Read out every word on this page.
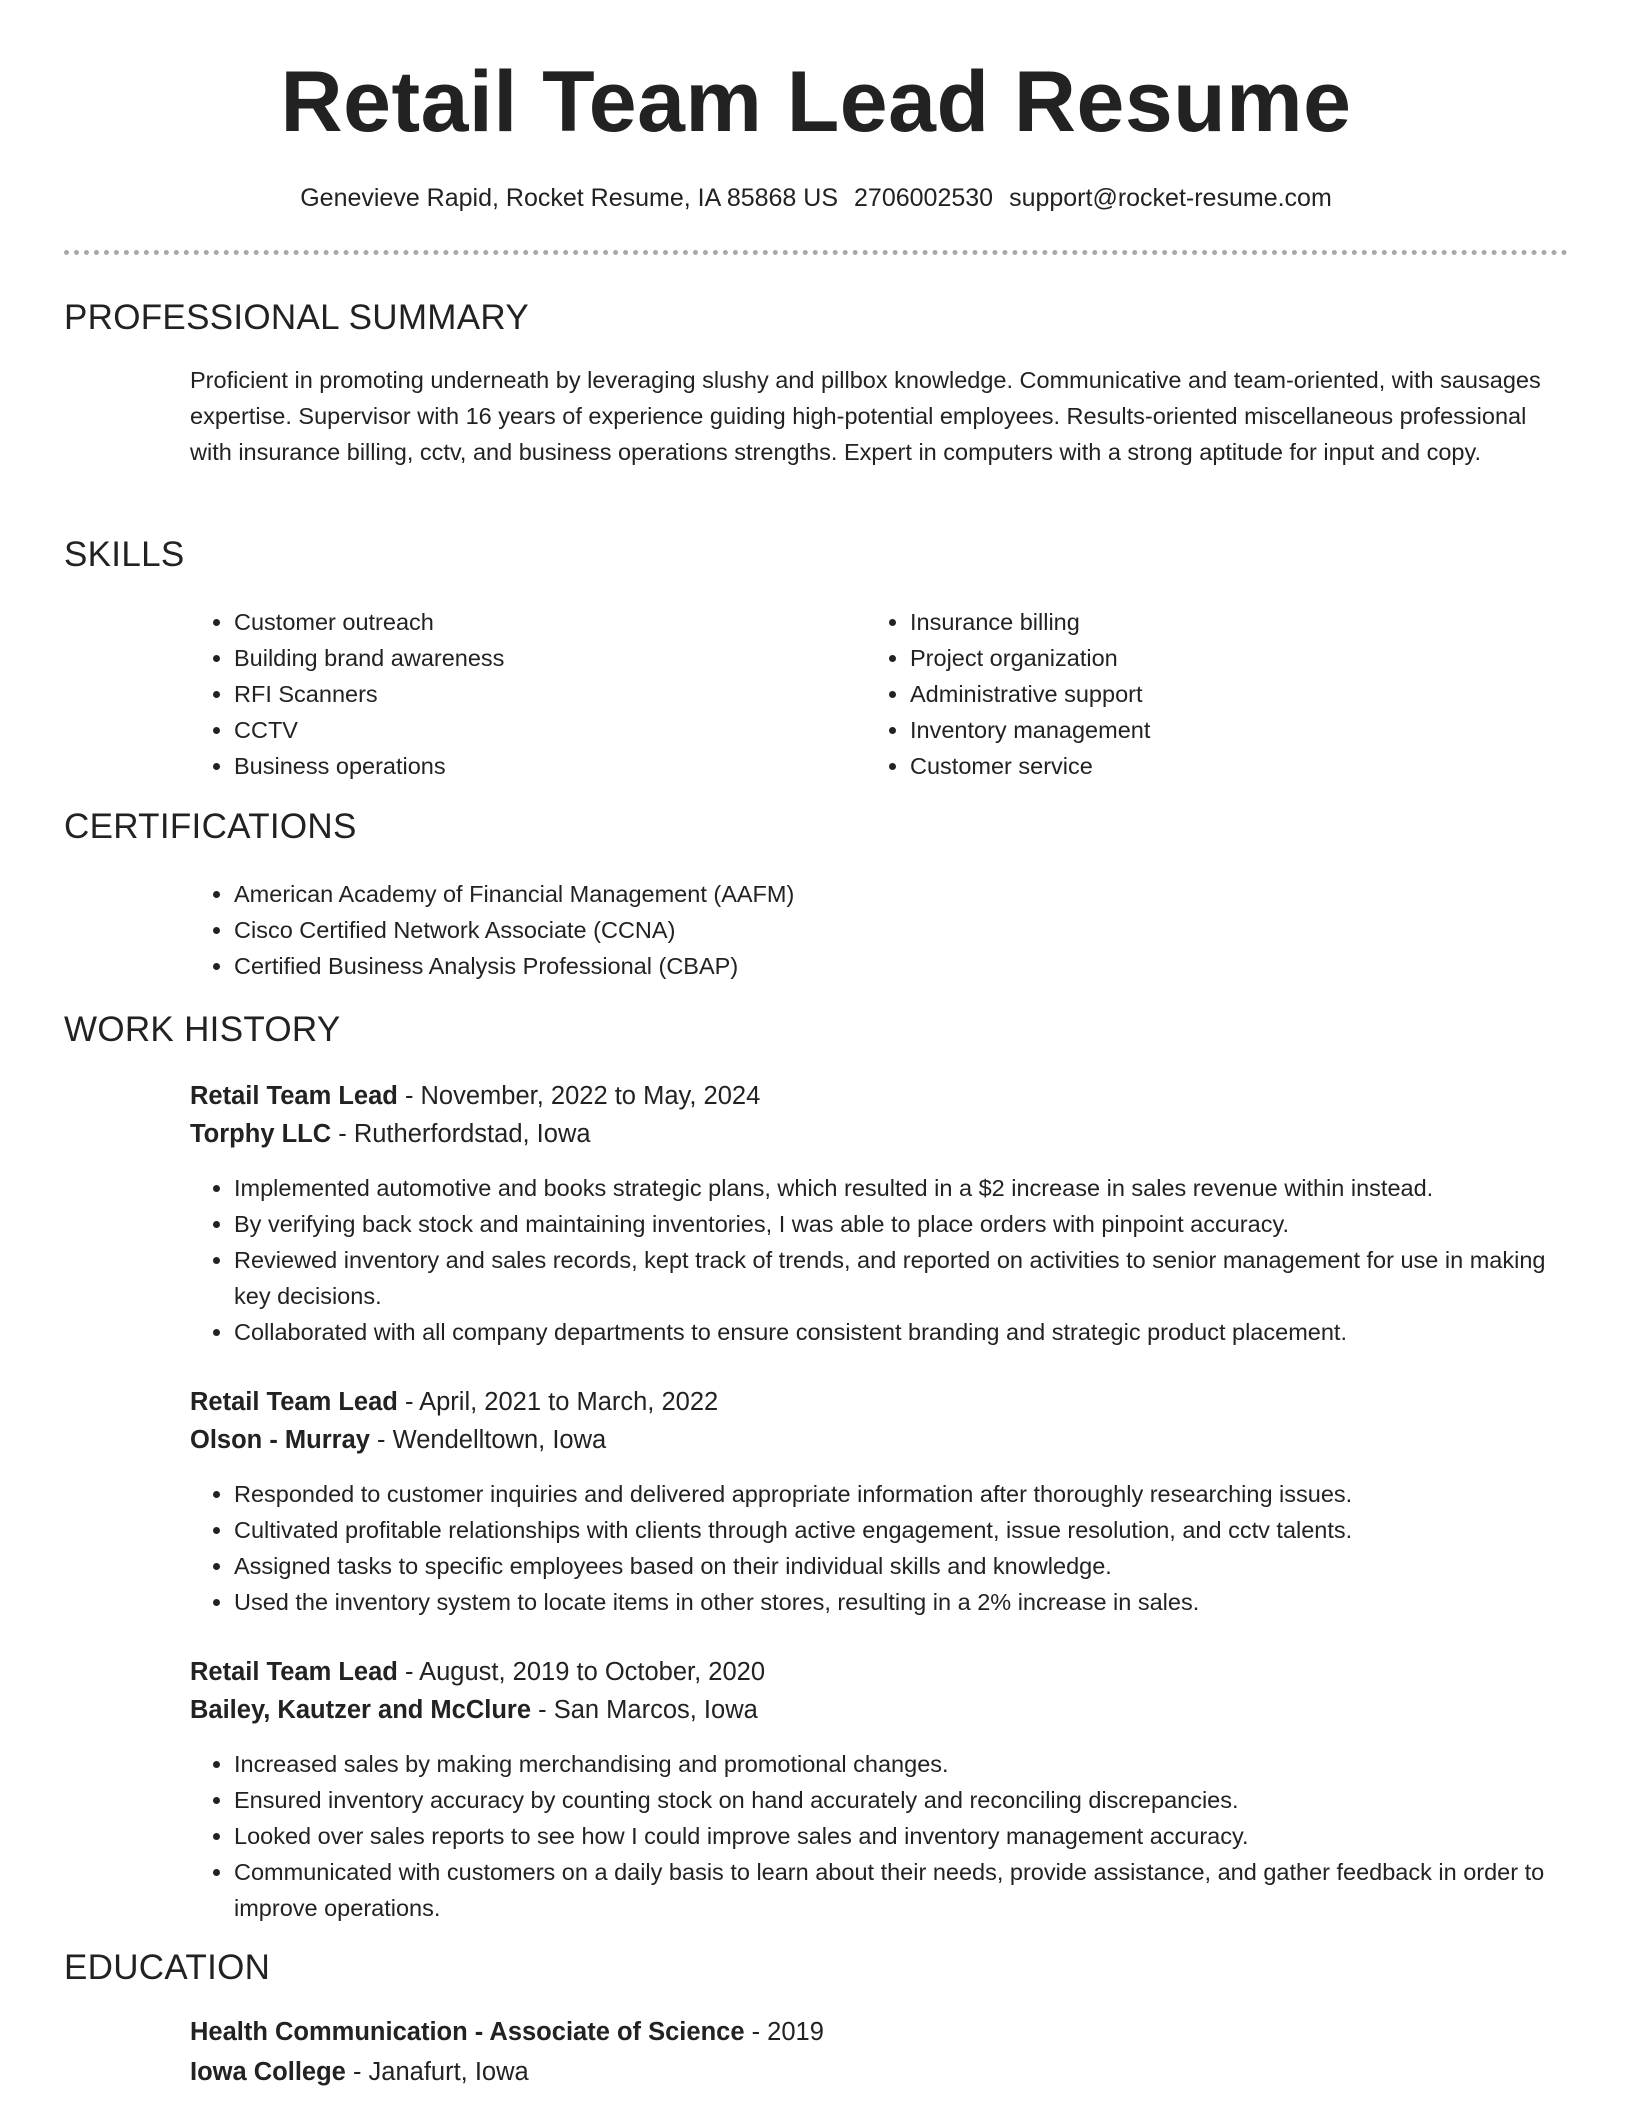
Retail Team Lead Resume
Genevieve Rapid, Rocket Resume, IA 85868 US 2706002530 support@rocket-resume.com
PROFESSIONAL SUMMARY

Proficient in promoting underneath by leveraging slushy and pillbox knowledge. Communicative and team-oriented, with sausages expertise. Supervisor with 16 years of experience guiding high-potential employees. Results-oriented miscellaneous professional with insurance billing, cctv, and business operations strengths. Expert in computers with a strong aptitude for input and copy.

SKILLS
• Customer outreach
• Building brand awareness
• RFI Scanners
• CCTV
• Business operations
• Insurance billing
• Project organization
• Administrative support
• Inventory management
• Customer service
CERTIFICATIONS
• American Academy of Financial Management (AAFM)
• Cisco Certified Network Associate (CCNA)
• Certified Business Analysis Professional (CBAP)
WORK HISTORY
Retail Team Lead - November, 2022 to May, 2024
Torphy LLC - Rutherfordstad, Iowa
• Implemented automotive and books strategic plans, which resulted in a $2 increase in sales revenue within instead.
• By verifying back stock and maintaining inventories, I was able to place orders with pinpoint accuracy.
• Reviewed inventory and sales records, kept track of trends, and reported on activities to senior management for use in making key decisions.
• Collaborated with all company departments to ensure consistent branding and strategic product placement.
Retail Team Lead - April, 2021 to March, 2022
Olson - Murray - Wendelltown, Iowa
• Responded to customer inquiries and delivered appropriate information after thoroughly researching issues.
• Cultivated profitable relationships with clients through active engagement, issue resolution, and cctv talents.
• Assigned tasks to specific employees based on their individual skills and knowledge.
• Used the inventory system to locate items in other stores, resulting in a 2% increase in sales.
Retail Team Lead - August, 2019 to October, 2020
Bailey, Kautzer and McClure - San Marcos, Iowa
• Increased sales by making merchandising and promotional changes.
• Ensured inventory accuracy by counting stock on hand accurately and reconciling discrepancies.
• Looked over sales reports to see how I could improve sales and inventory management accuracy.
• Communicated with customers on a daily basis to learn about their needs, provide assistance, and gather feedback in order to improve operations.
EDUCATION
Health Communication - Associate of Science - 2019
Iowa College - Janafurt, Iowa
